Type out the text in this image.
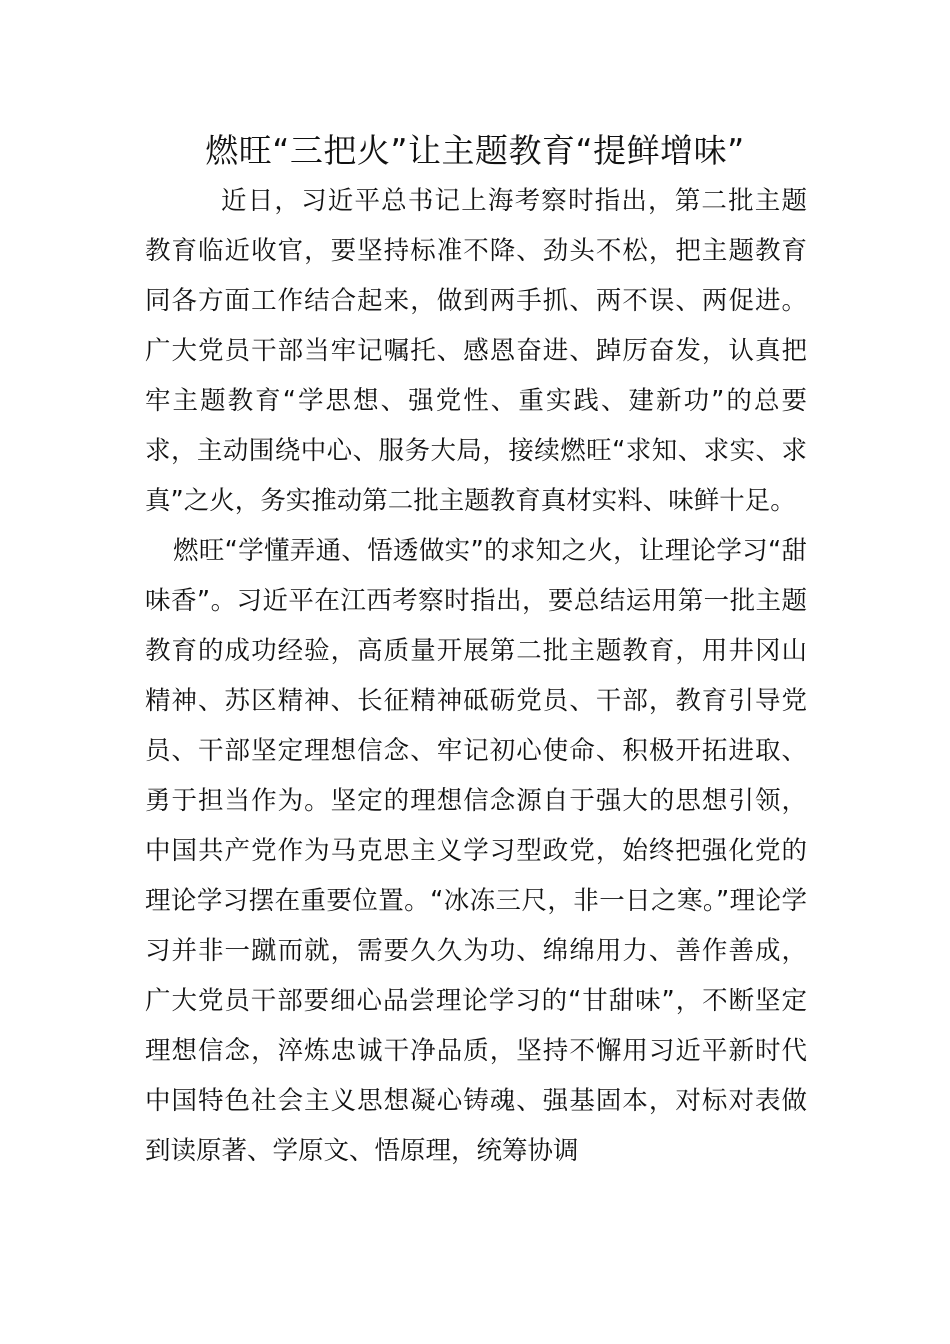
燃旺“三把火”让主题教育“提鲜增味”

近日，习近平总书记上海考察时指出，第二批主题教育临近收官，要坚持标准不降、劲头不松，把主题教育同各方面工作结合起来，做到两手抓、两不误、两促进。广大党员干部当牢记嘱托、感恩奋进、踔厉奋发，认真把牢主题教育“学思想、强党性、重实践、建新功”的总要求，主动围绕中心、服务大局，接续燃旺“求知、求实、求真”之火，务实推动第二批主题教育真材实料、味鲜十足。

燃旺“学懂弄通、悟透做实”的求知之火，让理论学习“甜味香”。习近平在江西考察时指出，要总结运用第一批主题教育的成功经验，高质量开展第二批主题教育，用井冈山精神、苏区精神、长征精神砥砺党员、干部，教育引导党员、干部坚定理想信念、牢记初心使命、积极开拓进取、勇于担当作为。坚定的理想信念源自于强大的思想引领，中国共产党作为马克思主义学习型政党，始终把强化党的理论学习摆在重要位置。“冰冻三尺，非一日之寒。”理论学习并非一蹴而就，需要久久为功、绵绵用力、善作善成，广大党员干部要细心品尝理论学习的“甘甜味”，不断坚定理想信念，淬炼忠诚干净品质，坚持不懈用习近平新时代中国特色社会主义思想凝心铸魂、强基固本，对标对表做到读原著、学原文、悟原理，统筹协调
